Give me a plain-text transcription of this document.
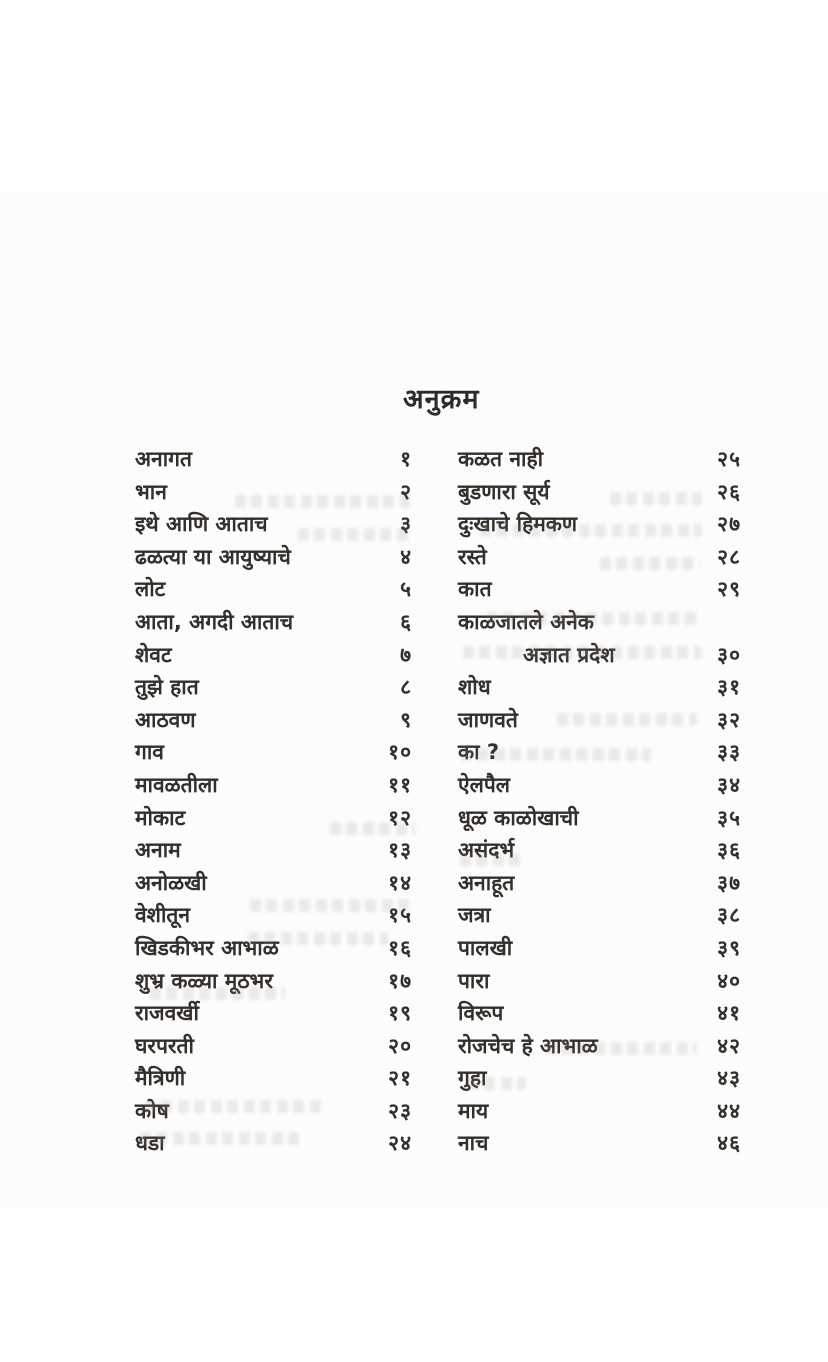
अनुक्रम
अनागत	१
भान	२
इथे आणि आताच	३
ढळत्या या आयुष्याचे	४
लोट	५
आता, अगदी आताच	६
शेवट	७
तुझे हात	८
आठवण	९
गाव	१०
मावळतीला	११
मोकाट	१२
अनाम	१३
अनोळखी	१४
वेशीतून	१५
खिडकीभर आभाळ	१६
शुभ्र कळ्या मूठभर	१७
राजवर्खी	१९
घरपरती	२०
मैत्रिणी	२१
कोष	२३
धडा	२४
कळत नाही	२५
बुडणारा सूर्य	२६
दुःखाचे हिमकण	२७
रस्ते	२८
कात	२९
काळजातले अनेक
अज्ञात प्रदेश	३०
शोध	३१
जाणवते	३२
का ?	३३
ऐलपैल	३४
धूळ काळोखाची	३५
असंदर्भ	३६
अनाहूत	३७
जत्रा	३८
पालखी	३९
पारा	४०
विरूप	४१
रोजचेच हे आभाळ	४२
गुहा	४३
माय	४४
नाच	४६
